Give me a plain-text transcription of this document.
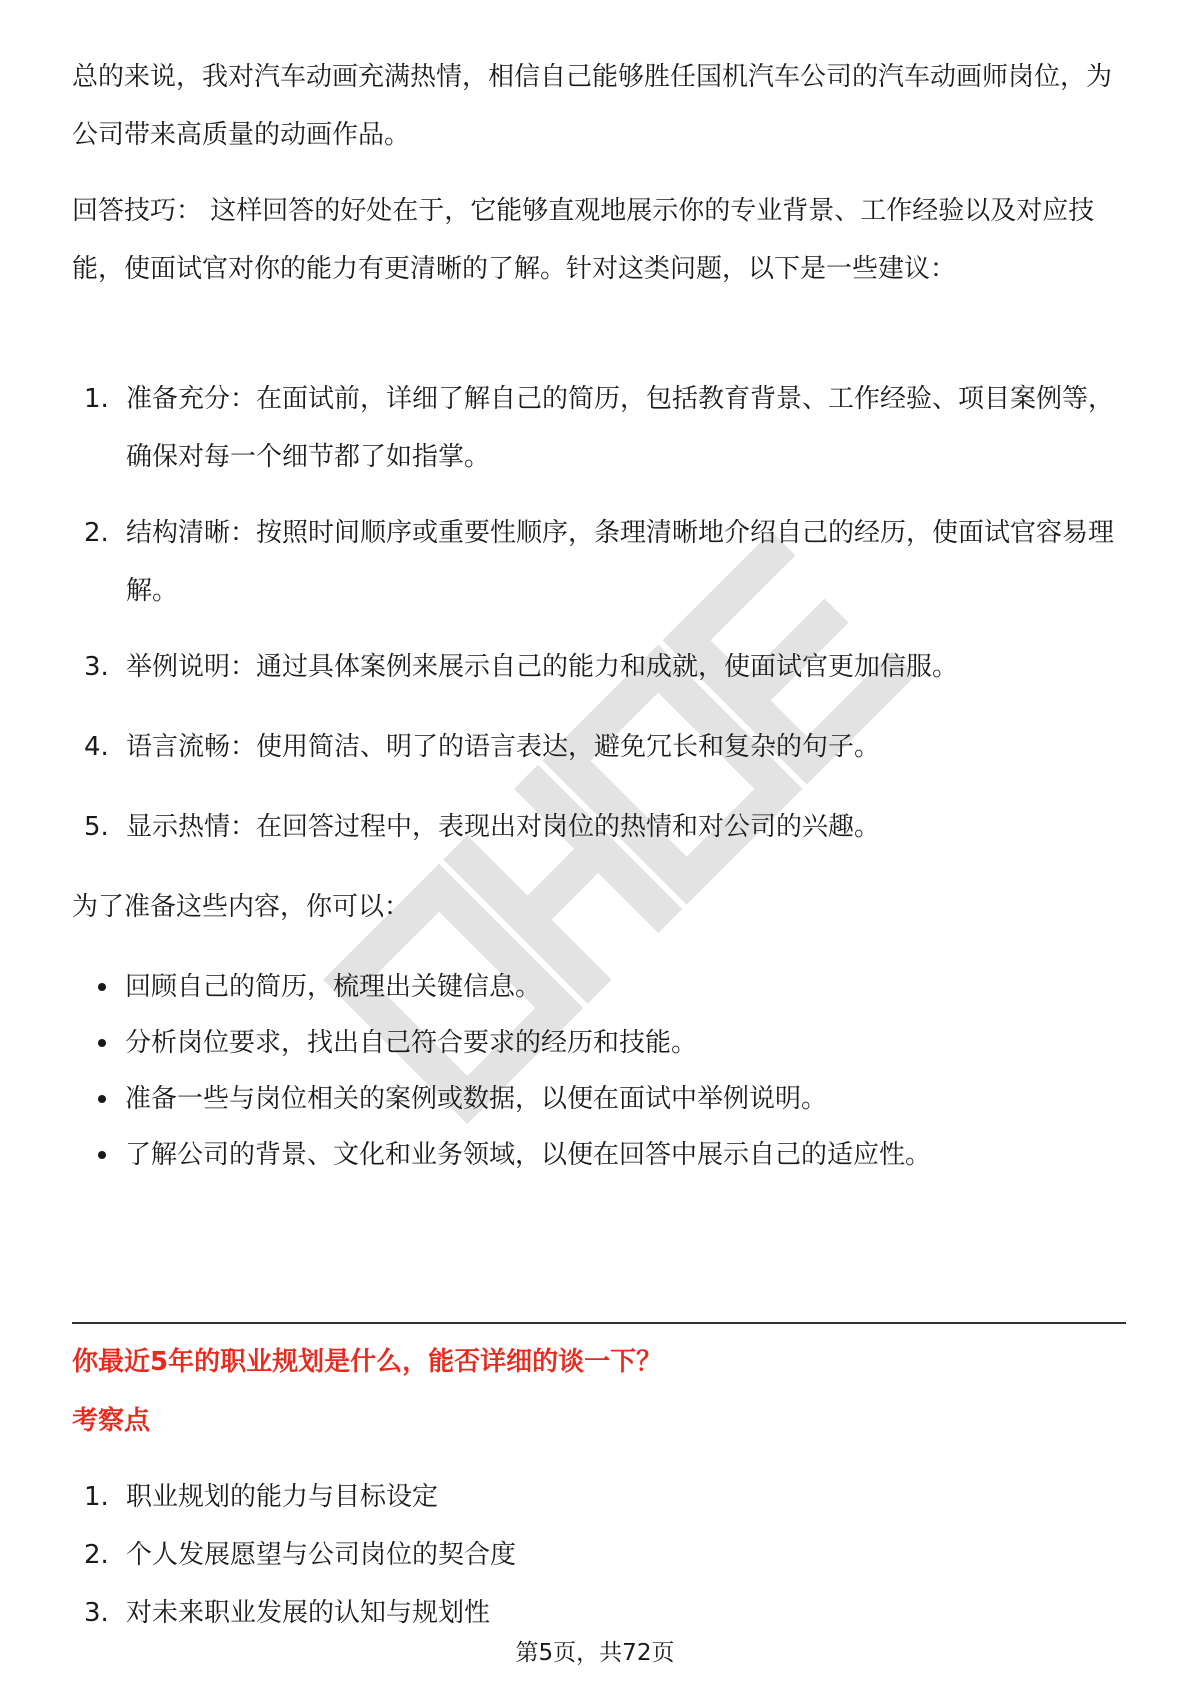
总的来说，我对汽车动画充满热情，相信自己能够胜任国机汽车公司的汽车动画师岗位，为公司带来高质量的动画作品。

回答技巧： 这样回答的好处在于，它能够直观地展示你的专业背景、工作经验以及对应技能，使面试官对你的能力有更清晰的了解。针对这类问题，以下是一些建议：

1. 准备充分：在面试前，详细了解自己的简历，包括教育背景、工作经验、项目案例等，确保对每一个细节都了如指掌。
2. 结构清晰：按照时间顺序或重要性顺序，条理清晰地介绍自己的经历，使面试官容易理解。
3. 举例说明：通过具体案例来展示自己的能力和成就，使面试官更加信服。
4. 语言流畅：使用简洁、明了的语言表达，避免冗长和复杂的句子。
5. 显示热情：在回答过程中，表现出对岗位的热情和对公司的兴趣。

为了准备这些内容，你可以：

回顾自己的简历，梳理出关键信息。
分析岗位要求，找出自己符合要求的经历和技能。
准备一些与岗位相关的案例或数据，以便在面试中举例说明。
了解公司的背景、文化和业务领域，以便在回答中展示自己的适应性。
你最近5年的职业规划是什么，能否详细的谈一下？
考察点
1. 职业规划的能力与目标设定
2. 个人发展愿望与公司岗位的契合度
3. 对未来职业发展的认知与规划性
第5页，共72页
